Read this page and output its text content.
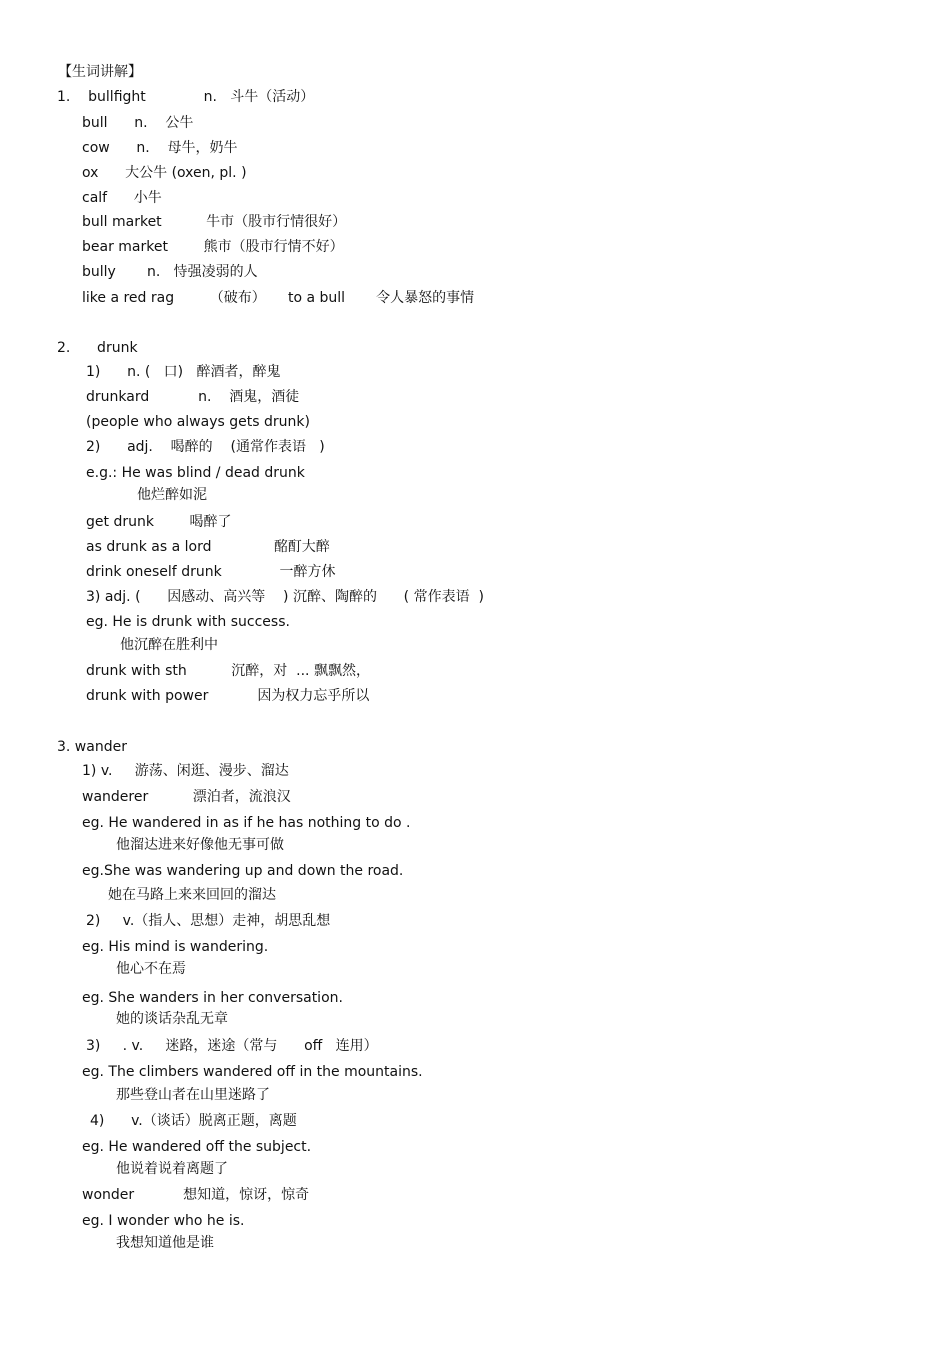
【生词讲解】
1.    bullfight             n.   斗牛（活动）
bull      n.    公牛
cow      n.    母牛，奶牛
ox      大公牛 (oxen, pl. )
calf      小牛
bull market          牛市（股市行情很好）
bear market        熊市（股市行情不好）
bully       n.   恃强凌弱的人
like a red rag        （破布）     to a bull       令人暴怒的事情
2.      drunk
1)      n. (   口)   醉酒者，醉鬼
drunkard           n.    酒鬼，酒徒
(people who always gets drunk)
2)      adj.    喝醉的    (通常作表语   )
e.g.: He was blind / dead drunk
他烂醉如泥
get drunk        喝醉了
as drunk as a lord              酩酊大醉
drink oneself drunk             一醉方休
3) adj. (      因感动、高兴等    ) 沉醉、陶醉的      ( 常作表语  )
eg. He is drunk with success.
他沉醉在胜利中
drunk with sth          沉醉，对  ... 飘飘然，
drunk with power           因为权力忘乎所以
3. wander
1) v.     游荡、闲逛、漫步、溜达
wanderer          漂泊者，流浪汉
eg. He wandered in as if he has nothing to do .
他溜达进来好像他无事可做
eg.She was wandering up and down the road.
她在马路上来来回回的溜达
2)     v.（指人、思想）走神，胡思乱想
eg. His mind is wandering.
他心不在焉
eg. She wanders in her conversation.
她的谈话杂乱无章
3)     . v.     迷路，迷途（常与      off   连用）
eg. The climbers wandered off in the mountains.
那些登山者在山里迷路了
4)      v.（谈话）脱离正题，离题
eg. He wandered off the subject.
他说着说着离题了
wonder           想知道，惊讶，惊奇
eg. I wonder who he is.
我想知道他是谁
